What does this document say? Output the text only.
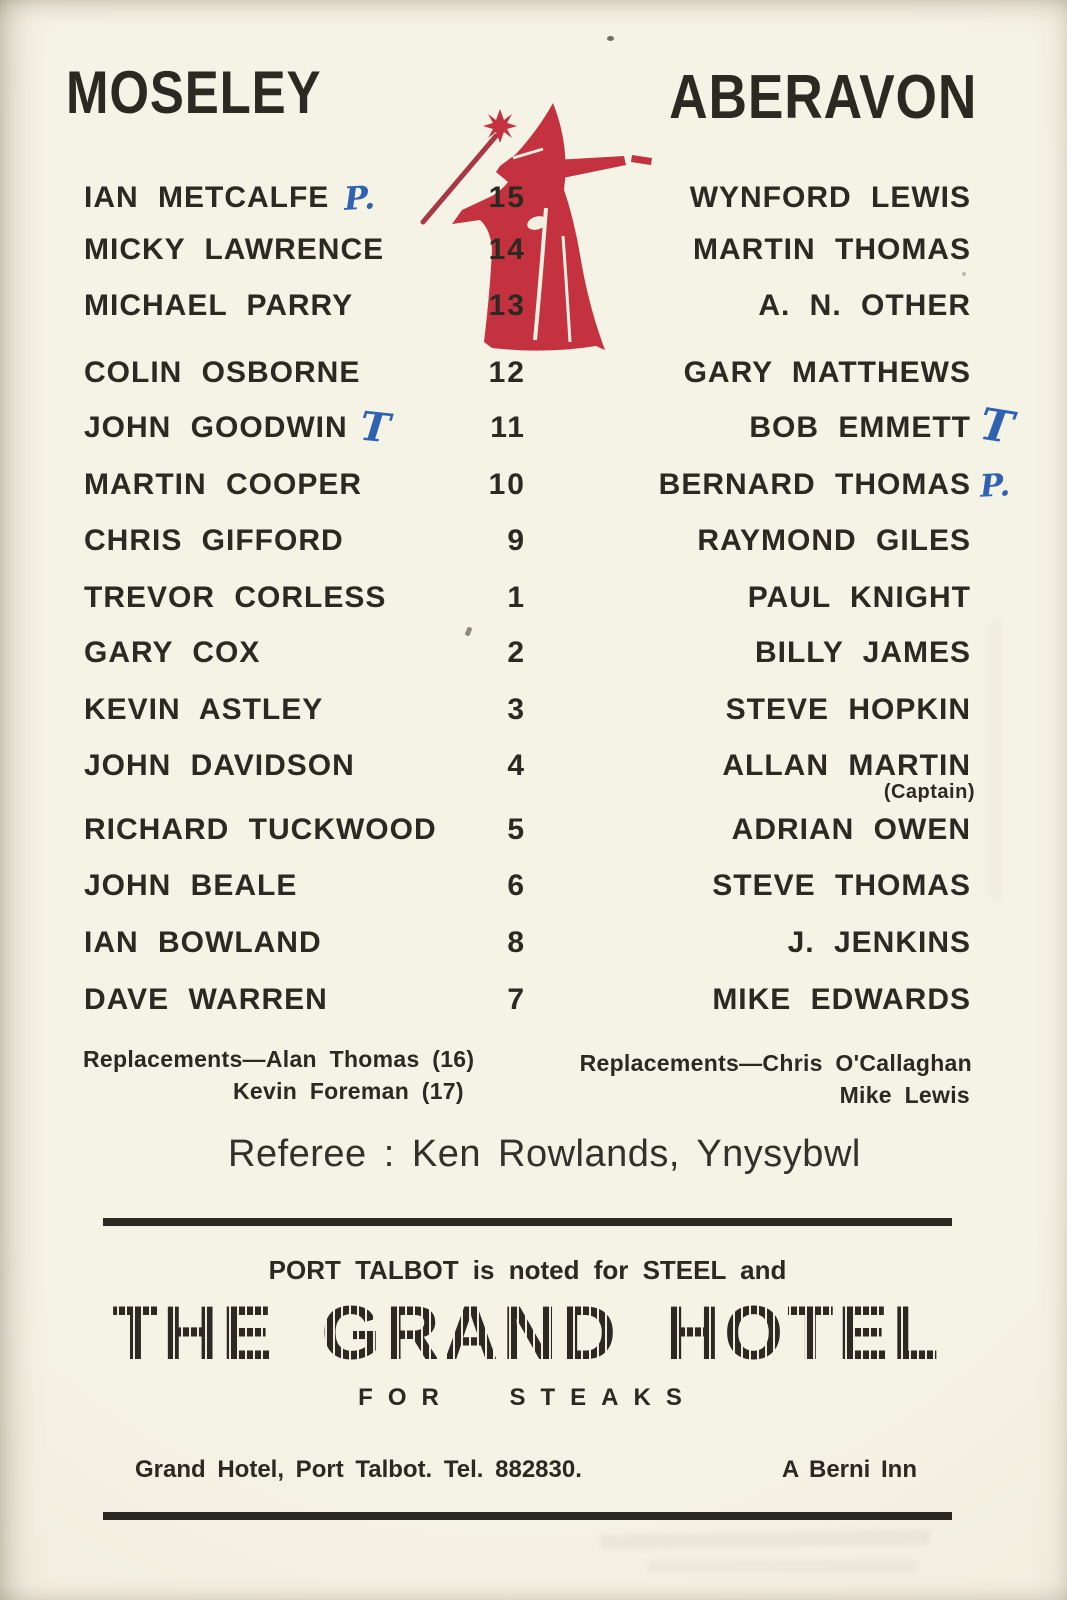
MOSELEY	ABERAVON
IAN METCALFE P.	15	WYNFORD LEWIS
MICKY LAWRENCE	14	MARTIN THOMAS
MICHAEL PARRY	13	A. N. OTHER
COLIN OSBORNE	12	GARY MATTHEWS
JOHN GOODWIN T	11	BOB EMMETT T
MARTIN COOPER	10	BERNARD THOMAS P.
CHRIS GIFFORD	9	RAYMOND GILES
TREVOR CORLESS	1	PAUL KNIGHT
GARY COX	2	BILLY JAMES
KEVIN ASTLEY	3	STEVE HOPKIN
JOHN DAVIDSON	4	ALLAN MARTIN
(Captain)
RICHARD TUCKWOOD	5	ADRIAN OWEN
JOHN BEALE	6	STEVE THOMAS
IAN BOWLAND	8	J. JENKINS
DAVE WARREN	7	MIKE EDWARDS
Replacements—Alan Thomas (16)
Kevin Foreman (17)
Replacements—Chris O'Callaghan
Mike Lewis
Referee : Ken Rowlands, Ynysybwl
PORT TALBOT is noted for STEEL and
THE GRAND HOTEL
FOR STEAKS
Grand Hotel, Port Talbot. Tel. 882830.	A Berni Inn
